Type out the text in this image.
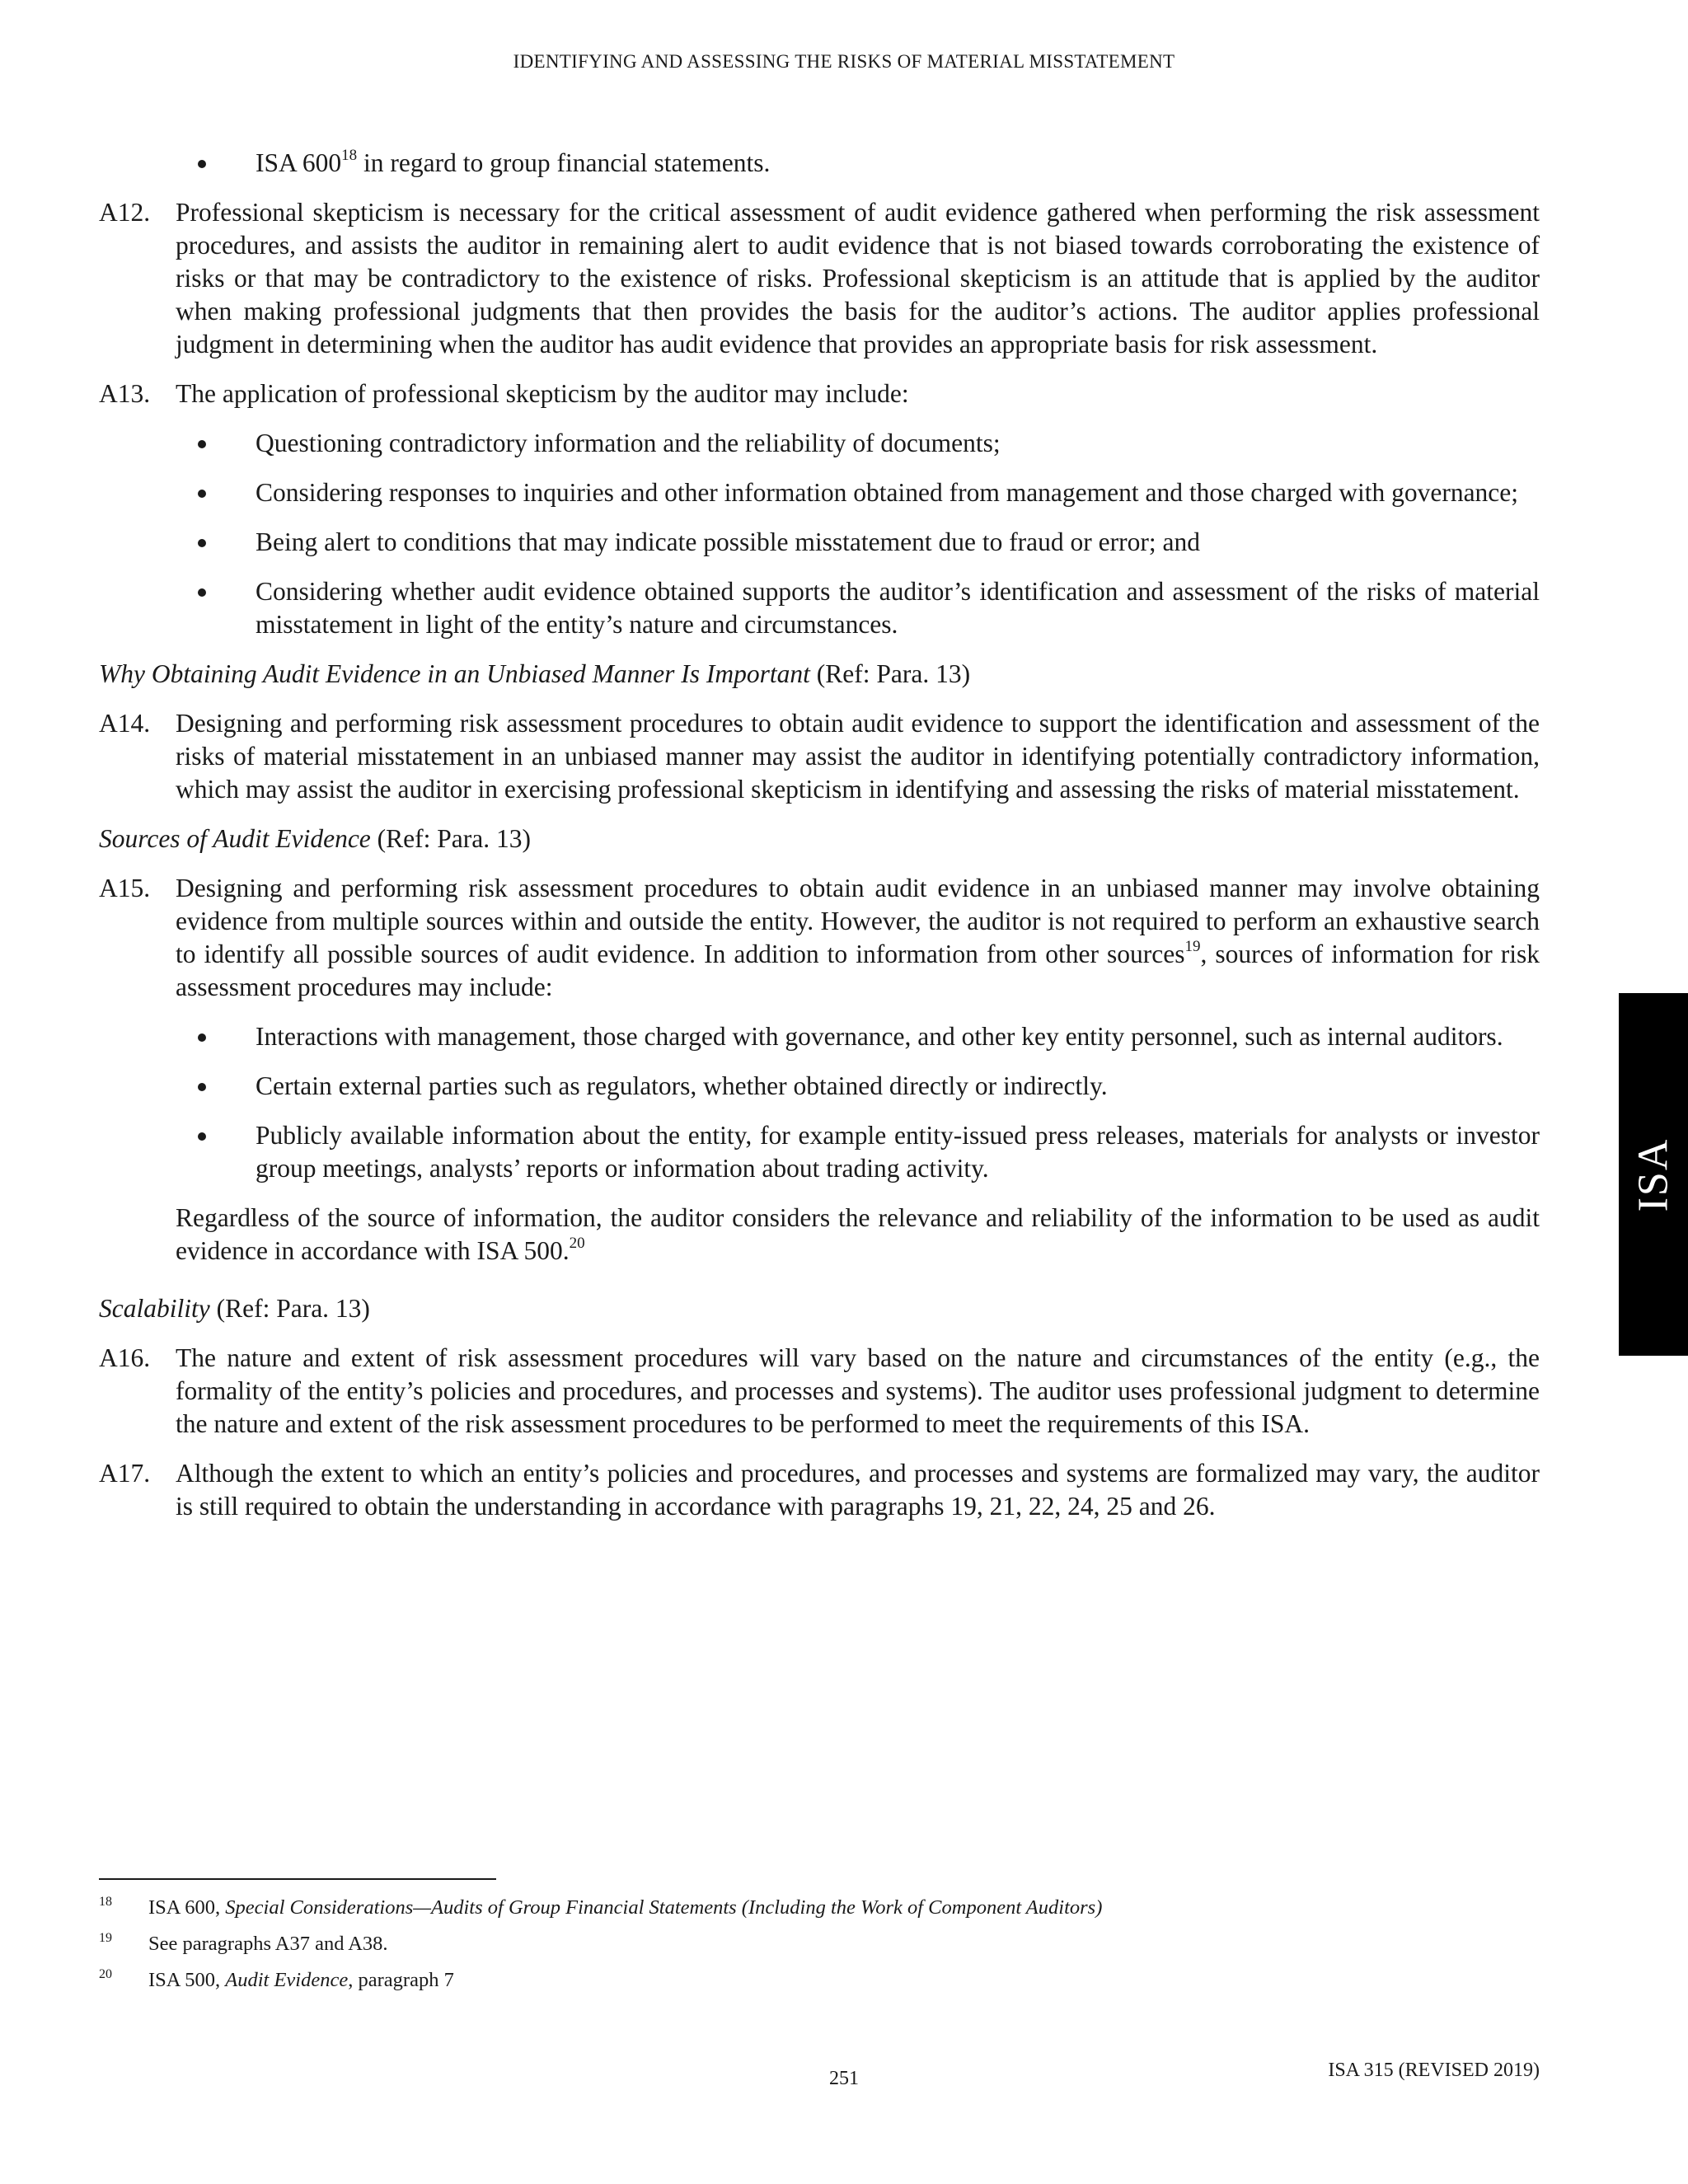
IDENTIFYING AND ASSESSING THE RISKS OF MATERIAL MISSTATEMENT
ISA
ISA $600^{18}$ in regard to group financial statements.
A12. Professional skepticism is necessary for the critical assessment of audit evidence gathered when performing the risk assessment procedures, and assists the auditor in remaining alert to audit evidence that is not biased towards corroborating the existence of risks or that may be contradictory to the existence of risks. Professional skepticism is an attitude that is applied by the auditor when making professional judgments that then provides the basis for the auditor’s actions. The auditor applies professional judgment in determining when the auditor has audit evidence that provides an appropriate basis for risk assessment.
A13. The application of professional skepticism by the auditor may include:
Questioning contradictory information and the reliability of documents;
Considering responses to inquiries and other information obtained from management and those charged with governance;
Being alert to conditions that may indicate possible misstatement due to fraud or error; and
Considering whether audit evidence obtained supports the auditor’s identification and assessment of the risks of material misstatement in light of the entity’s nature and circumstances.
Why Obtaining Audit Evidence in an Unbiased Manner Is Important (Ref: Para. 13)
A14. Designing and performing risk assessment procedures to obtain audit evidence to support the identification and assessment of the risks of material misstatement in an unbiased manner may assist the auditor in identifying potentially contradictory information, which may assist the auditor in exercising professional skepticism in identifying and assessing the risks of material misstatement.
Sources of Audit Evidence (Ref: Para. 13)
A15. Designing and performing risk assessment procedures to obtain audit evidence in an unbiased manner may involve obtaining evidence from multiple sources within and outside the entity. However, the auditor is not required to perform an exhaustive search to identify all possible sources of audit evidence. In addition to information from other sources$^{19}$, sources of information for risk assessment procedures may include:
Interactions with management, those charged with governance, and other key entity personnel, such as internal auditors.
Certain external parties such as regulators, whether obtained directly or indirectly.
Publicly available information about the entity, for example entity-issued press releases, materials for analysts or investor group meetings, analysts’ reports or information about trading activity.
Regardless of the source of information, the auditor considers the relevance and reliability of the information to be used as audit evidence in accordance with ISA 500.20
Scalability (Ref: Para. 13)
A16. The nature and extent of risk assessment procedures will vary based on the nature and circumstances of the entity (e.g., the formality of the entity’s policies and procedures, and processes and systems). The auditor uses professional judgment to determine the nature and extent of the risk assessment procedures to be performed to meet the requirements of this ISA.
A17. Although the extent to which an entity’s policies and procedures, and processes and systems are formalized may vary, the auditor is still required to obtain the understanding in accordance with paragraphs 19, 21, 22, 24, 25 and 26.
18 ISA 600, Special Considerations—Audits of Group Financial Statements (Including the Work of Component Auditors)
19 See paragraphs A37 and A38.
20 ISA 500, Audit Evidence, paragraph 7
251	ISA 315 (REVISED 2019)
